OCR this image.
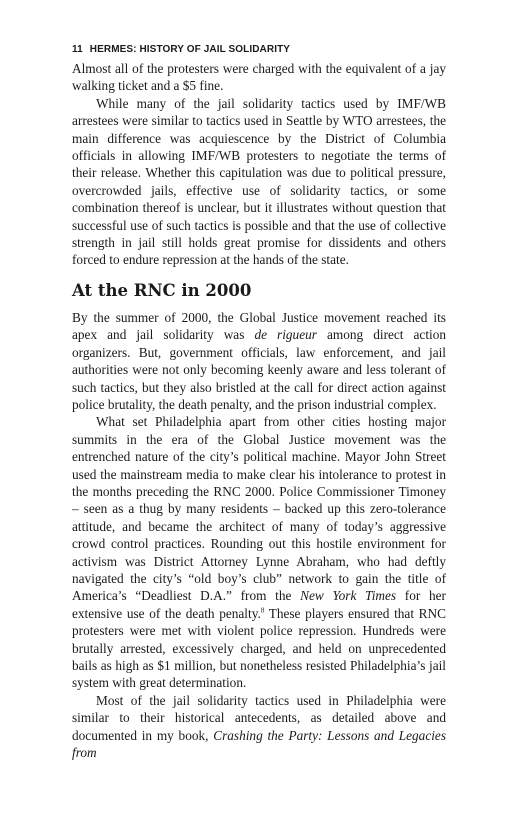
11 HERMES: HISTORY OF JAIL SOLIDARITY

Almost all of the protesters were charged with the equivalent of a jay walking ticket and a $5 fine.

While many of the jail solidarity tactics used by IMF/WB arrestees were similar to tactics used in Seattle by WTO arrestees, the main difference was acquiescence by the District of Columbia officials in allowing IMF/WB protesters to negotiate the terms of their release. Whether this capitulation was due to political pressure, overcrowded jails, effective use of solidarity tactics, or some combination thereof is unclear, but it illustrates without question that successful use of such tactics is possible and that the use of collective strength in jail still holds great promise for dissidents and others forced to endure repression at the hands of the state.

At the RNC in 2000

By the summer of 2000, the Global Justice movement reached its apex and jail solidarity was de rigueur among direct action organizers. But, government officials, law enforcement, and jail authorities were not only becoming keenly aware and less tolerant of such tactics, but they also bristled at the call for direct action against police brutality, the death penalty, and the prison industrial complex.

What set Philadelphia apart from other cities hosting major summits in the era of the Global Justice movement was the entrenched nature of the city’s political machine. Mayor John Street used the mainstream media to make clear his intolerance to protest in the months preceding the RNC 2000. Police Commissioner Timoney – seen as a thug by many residents – backed up this zero-tolerance attitude, and became the architect of many of today’s aggressive crowd control practices. Rounding out this hostile environment for activism was District Attorney Lynne Abraham, who had deftly navigated the city’s “old boy’s club” network to gain the title of America’s “Deadliest D.A.” from the New York Times for her extensive use of the death penalty.$^8$ These players ensured that RNC protesters were met with violent police repression. Hundreds were brutally arrested, excessively charged, and held on unprecedented bails as high as $1 million, but nonetheless resisted Philadelphia’s jail system with great determination.

Most of the jail solidarity tactics used in Philadelphia were similar to their historical antecedents, as detailed above and documented in my book, Crashing the Party: Lessons and Legacies from
